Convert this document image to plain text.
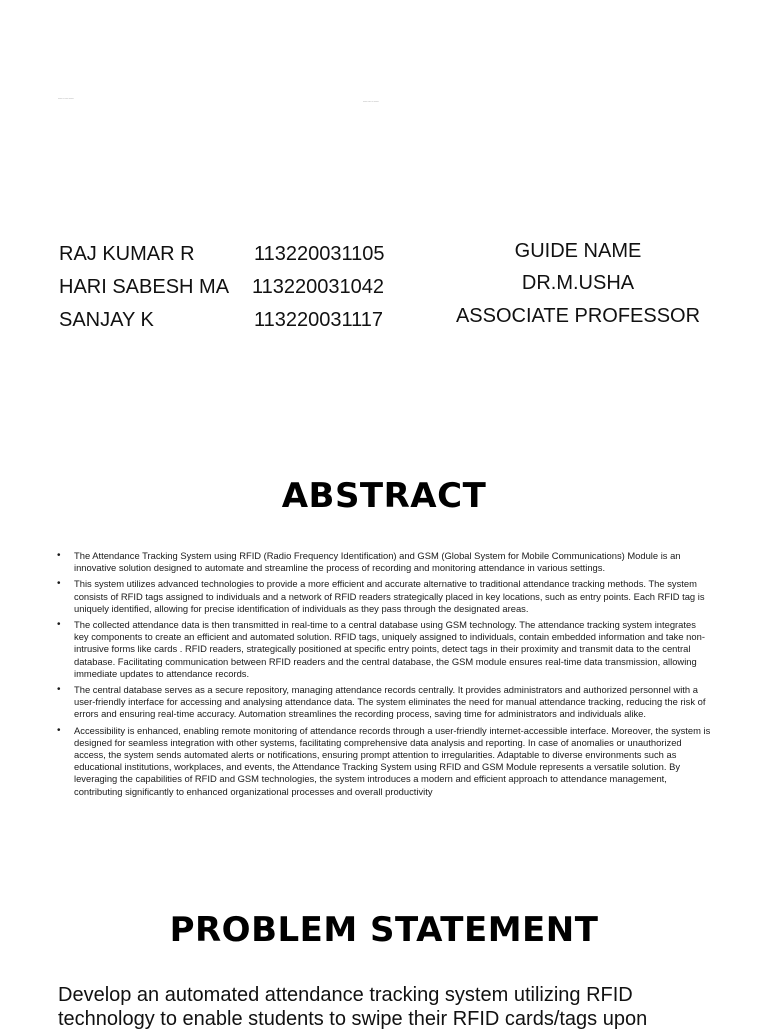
------ --- ----- -------
------ ----- --- -------
RAJ KUMAR R	113220031105
HARI SABESH MA 113220031042
SANJAY K	113220031117
GUIDE NAME
DR.M.USHA
ASSOCIATE PROFESSOR
ABSTRACT
• The Attendance Tracking System using RFID (Radio Frequency Identification) and GSM (Global System for Mobile Communications) Module is an innovative solution designed to automate and streamline the process of recording and monitoring attendance in various settings.
• This system utilizes advanced technologies to provide a more efficient and accurate alternative to traditional attendance tracking methods. The system consists of RFID tags assigned to individuals and a network of RFID readers strategically placed in key locations, such as entry points. Each RFID tag is uniquely identified, allowing for precise identification of individuals as they pass through the designated areas.
• The collected attendance data is then transmitted in real-time to a central database using GSM technology. The attendance tracking system integrates key components to create an efficient and automated solution. RFID tags, uniquely assigned to individuals, contain embedded information and take non-intrusive forms like cards . RFID readers, strategically positioned at specific entry points, detect tags in their proximity and transmit data to the central database. Facilitating communication between RFID readers and the central database, the GSM module ensures real-time data transmission, allowing immediate updates to attendance records.
• The central database serves as a secure repository, managing attendance records centrally. It provides administrators and authorized personnel with a user-friendly interface for accessing and analysing attendance data. The system eliminates the need for manual attendance tracking, reducing the risk of errors and ensuring real-time accuracy. Automation streamlines the recording process, saving time for administrators and individuals alike.
• Accessibility is enhanced, enabling remote monitoring of attendance records through a user-friendly internet-accessible interface. Moreover, the system is designed for seamless integration with other systems, facilitating comprehensive data analysis and reporting. In case of anomalies or unauthorized access, the system sends automated alerts or notifications, ensuring prompt attention to irregularities. Adaptable to diverse environments such as educational institutions, workplaces, and events, the Attendance Tracking System using RFID and GSM Module represents a versatile solution. By leveraging the capabilities of RFID and GSM technologies, the system introduces a modern and efficient approach to attendance management, contributing significantly to enhanced organizational processes and overall productivity
PROBLEM STATEMENT
Develop an automated attendance tracking system utilizing RFID technology to enable students to swipe their RFID cards/tags upon
